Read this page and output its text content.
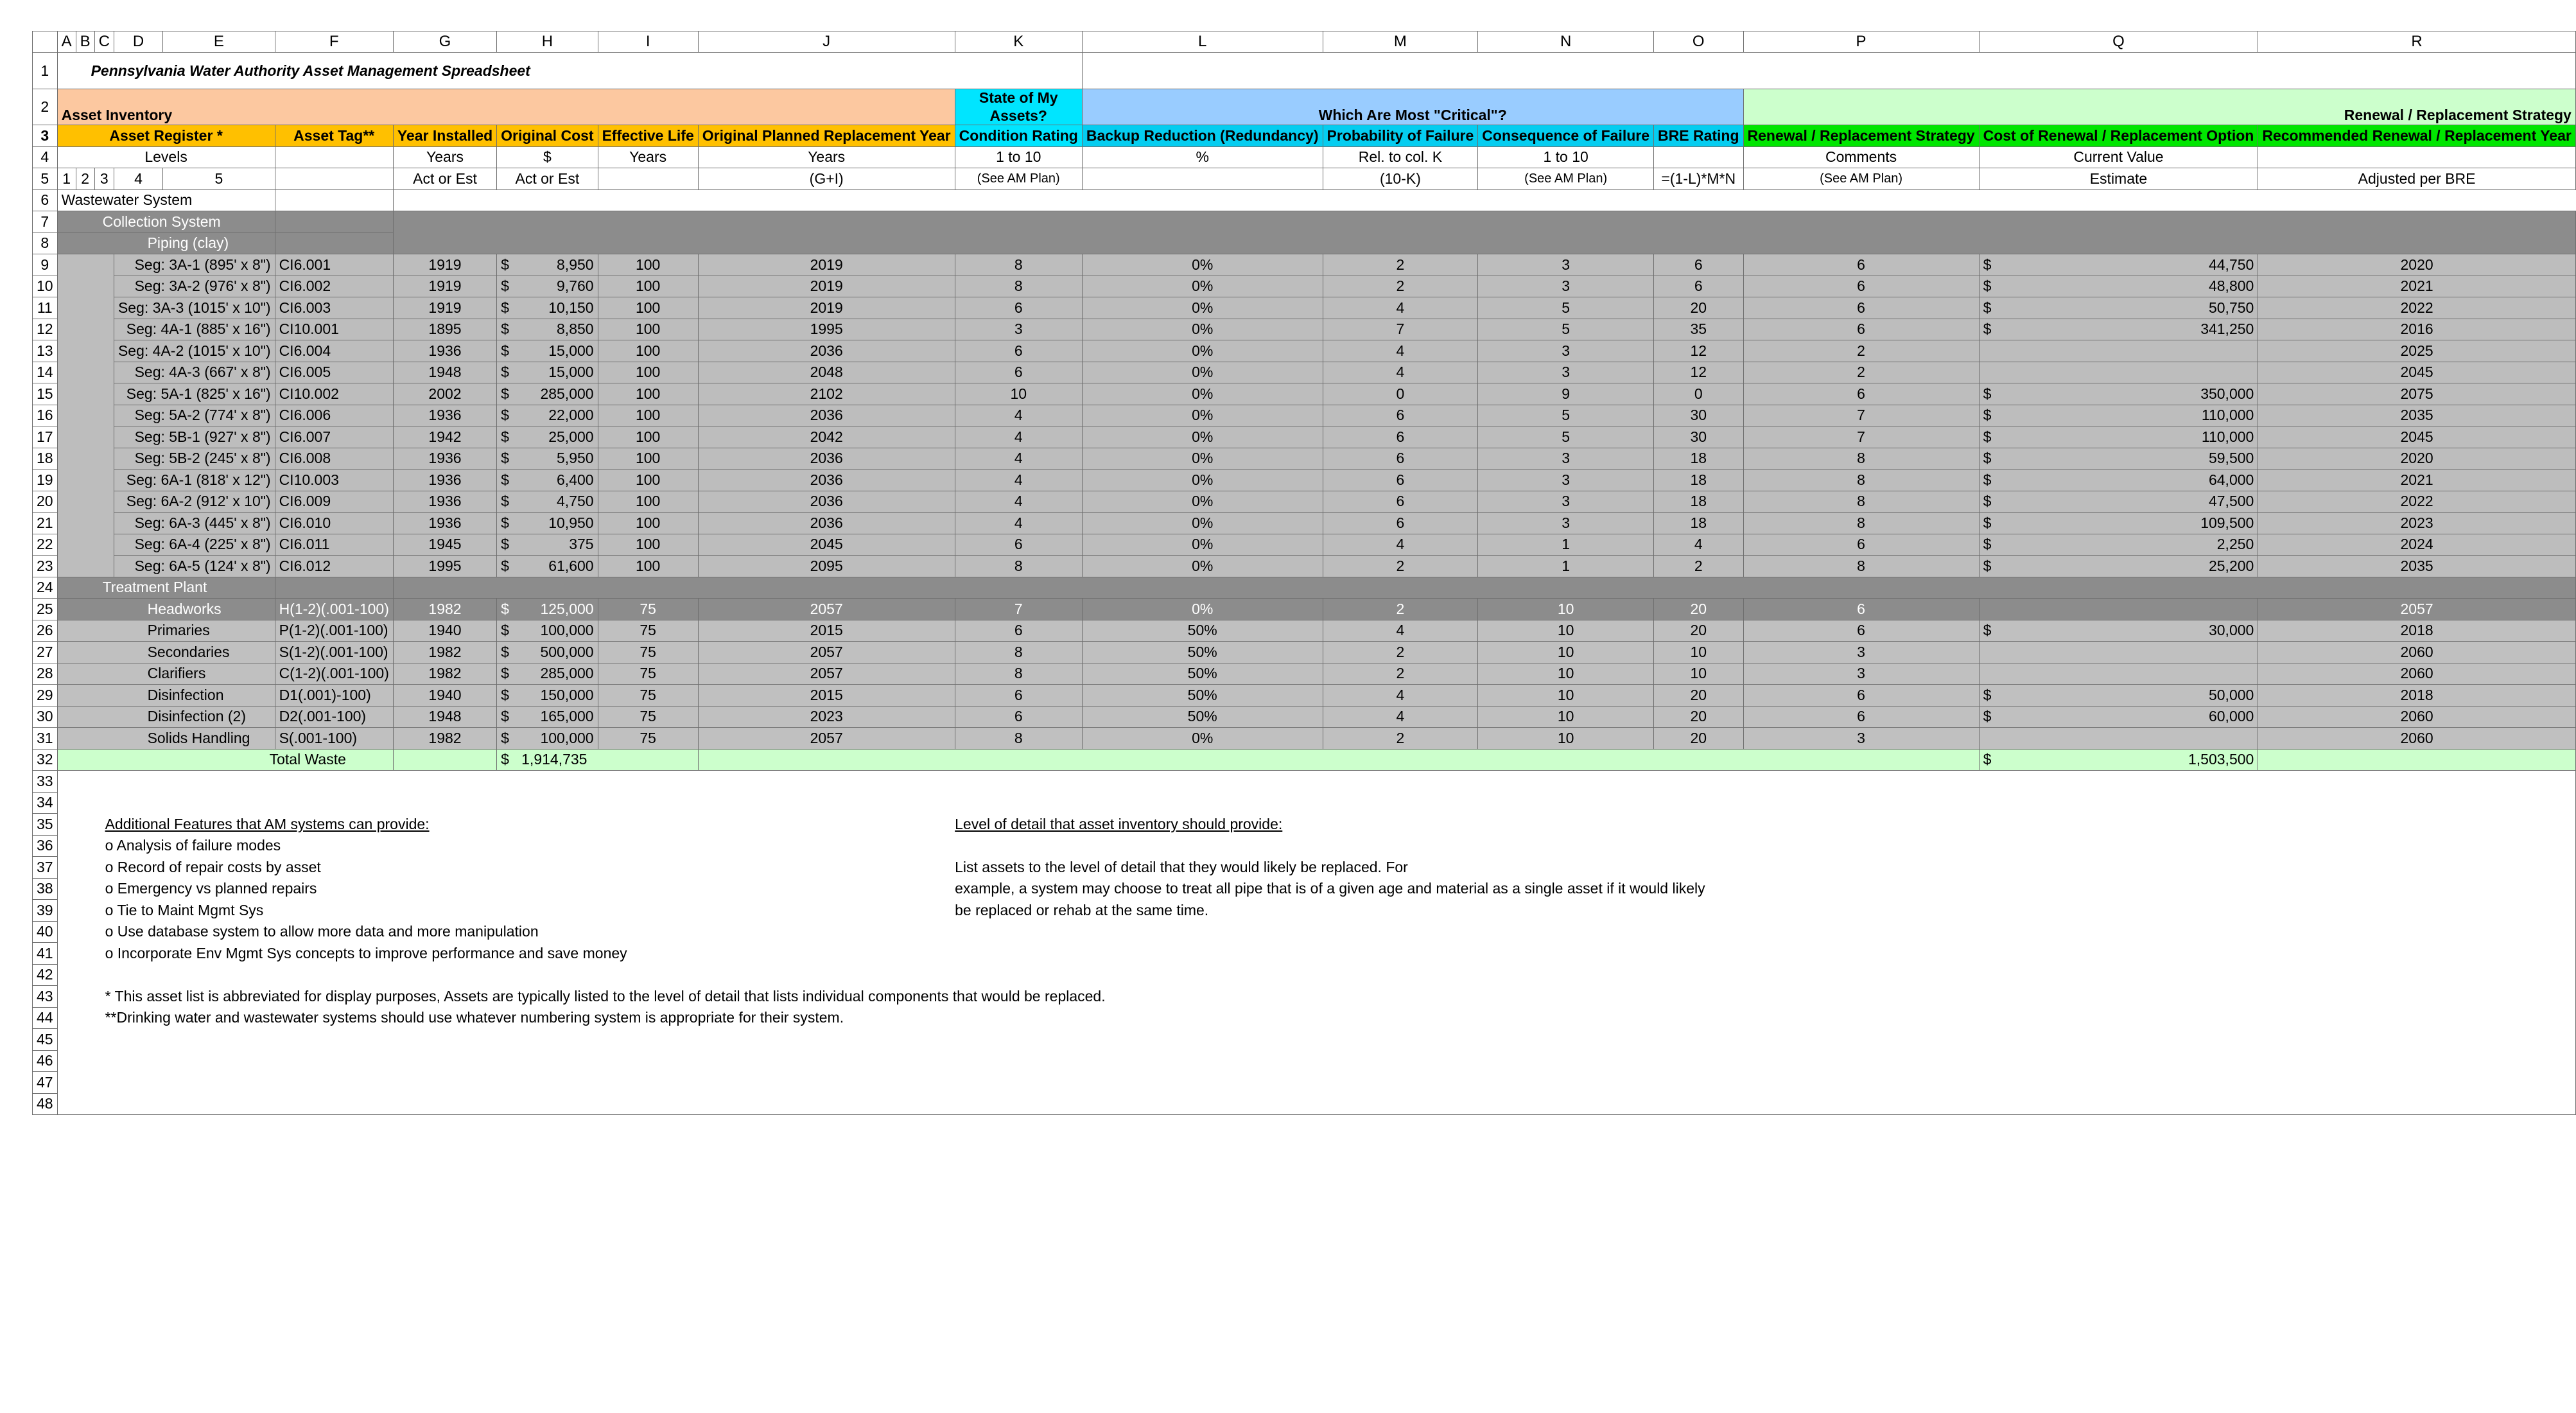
	A	B	C	D	E	F	G	H	I	J	K	L	M	N	O	P	Q	R
1	Pennsylvania Water Authority Asset Management Spreadsheet																	
2	Asset Inventory										State of My Assets?	Which Are Most "Critical"?				Renewal / Replacement Strategy		
3	Asset Register *					Asset Tag**	Year Installed	Original Cost	Effective Life	Original Planned Replacement Year	Condition Rating	Backup Reduction (Redundancy)	Probability of Failure	Consequence of Failure	BRE Rating	Renewal / Replacement Strategy	Cost of Renewal / Replacement Option	Recommended Renewal / Replacement Year
4	Levels						Years	$	Years	Years	1 to 10	%	Rel. to col. K	1 to 10		Comments	Current Value	
5	1	2	3	4	5		Act or Est	Act or Est		(G+I)	(See AM Plan)		(10-K)	(See AM Plan)	=(1-L)*M*N	(See AM Plan)	Estimate	Adjusted per BRE
6	Wastewater System																	
7	Collection System																	
8	Piping (clay)																	
9				Seg: 3A-1 (895' x 8")		CI6.001	1919	$ 8,950	100	2019	8	0%	2	3	6	6	$ 44,750	2020
10				Seg: 3A-2 (976' x 8")		CI6.002	1919	$ 9,760	100	2019	8	0%	2	3	6	6	$ 48,800	2021
11				Seg: 3A-3 (1015' x 10")		CI6.003	1919	$ 10,150	100	2019	6	0%	4	5	20	6	$ 50,750	2022
12				Seg: 4A-1 (885' x 16")		CI10.001	1895	$ 8,850	100	1995	3	0%	7	5	35	6	$ 341,250	2016
13				Seg: 4A-2 (1015' x 10")		CI6.004	1936	$ 15,000	100	2036	6	0%	4	3	12	2		2025
14				Seg: 4A-3 (667' x 8")		CI6.005	1948	$ 15,000	100	2048	6	0%	4	3	12	2		2045
15				Seg: 5A-1 (825' x 16")		CI10.002	2002	$ 285,000	100	2102	10	0%	0	9	0	6	$ 350,000	2075
16				Seg: 5A-2 (774' x 8")		CI6.006	1936	$ 22,000	100	2036	4	0%	6	5	30	7	$ 110,000	2035
17				Seg: 5B-1 (927' x 8")		CI6.007	1942	$ 25,000	100	2042	4	0%	6	5	30	7	$ 110,000	2045
18				Seg: 5B-2 (245' x 8")		CI6.008	1936	$ 5,950	100	2036	4	0%	6	3	18	8	$ 59,500	2020
19				Seg: 6A-1 (818' x 12")		CI10.003	1936	$ 6,400	100	2036	4	0%	6	3	18	8	$ 64,000	2021
20				Seg: 6A-2 (912' x 10")		CI6.009	1936	$ 4,750	100	2036	4	0%	6	3	18	8	$ 47,500	2022
21				Seg: 6A-3 (445' x 8")		CI6.010	1936	$ 10,950	100	2036	4	0%	6	3	18	8	$ 109,500	2023
22				Seg: 6A-4 (225' x 8")		CI6.011	1945	$ 375	100	2045	6	0%	4	1	4	6	$ 2,250	2024
23				Seg: 6A-5 (124' x 8")		CI6.012	1995	$ 61,600	100	2095	8	0%	2	1	2	8	$ 25,200	2035
24	Treatment Plant																	
25	Headworks					H(1-2)(.001-100)	1982	$ 125,000	75	2057	7	0%	2	10	20	6		2057
26	Primaries					P(1-2)(.001-100)	1940	$ 100,000	75	2015	6	50%	4	10	20	6	$ 30,000	2018
27	Secondaries					S(1-2)(.001-100)	1982	$ 500,000	75	2057	8	50%	2	10	10	3		2060
28	Clarifiers					C(1-2)(.001-100)	1982	$ 285,000	75	2057	8	50%	2	10	10	3		2060
29	Disinfection					D1(.001)-100)	1940	$ 150,000	75	2015	6	50%	4	10	20	6	$ 50,000	2018
30	Disinfection (2)					D2(.001-100)	1948	$ 165,000	75	2023	6	50%	4	10	20	6	$ 60,000	2060
31	Solids Handling					S(.001-100)	1982	$ 100,000	75	2057	8	0%	2	10	20	3		2060
32	Total Waste							$ 1,914,735									$ 1,503,500	

33																		
34																		
35	Additional Features that AM systems can provide:										Level of detail that asset inventory should provide:							
36	o Analysis of failure modes																	
37	o Record of repair costs by asset										List assets to the level of detail that they would likely be replaced. For							
38	o Emergency vs planned repairs										example, a system may choose to treat all pipe that is of a given age and material as a single asset if it would likely							
39	o Tie to Maint Mgmt Sys										be replaced or rehab at the same time.							
40	o Use database system to allow more data and more manipulation																	
41	o Incorporate Env Mgmt Sys concepts to improve performance and save money																	
42																		
43	* This asset list is abbreviated for display purposes, Assets are typically listed to the level of detail that lists individual components that would be replaced.																	
44	**Drinking water and wastewater systems should use whatever numbering system is appropriate for their system.																	
45																		
46																		
47																		
48																		
